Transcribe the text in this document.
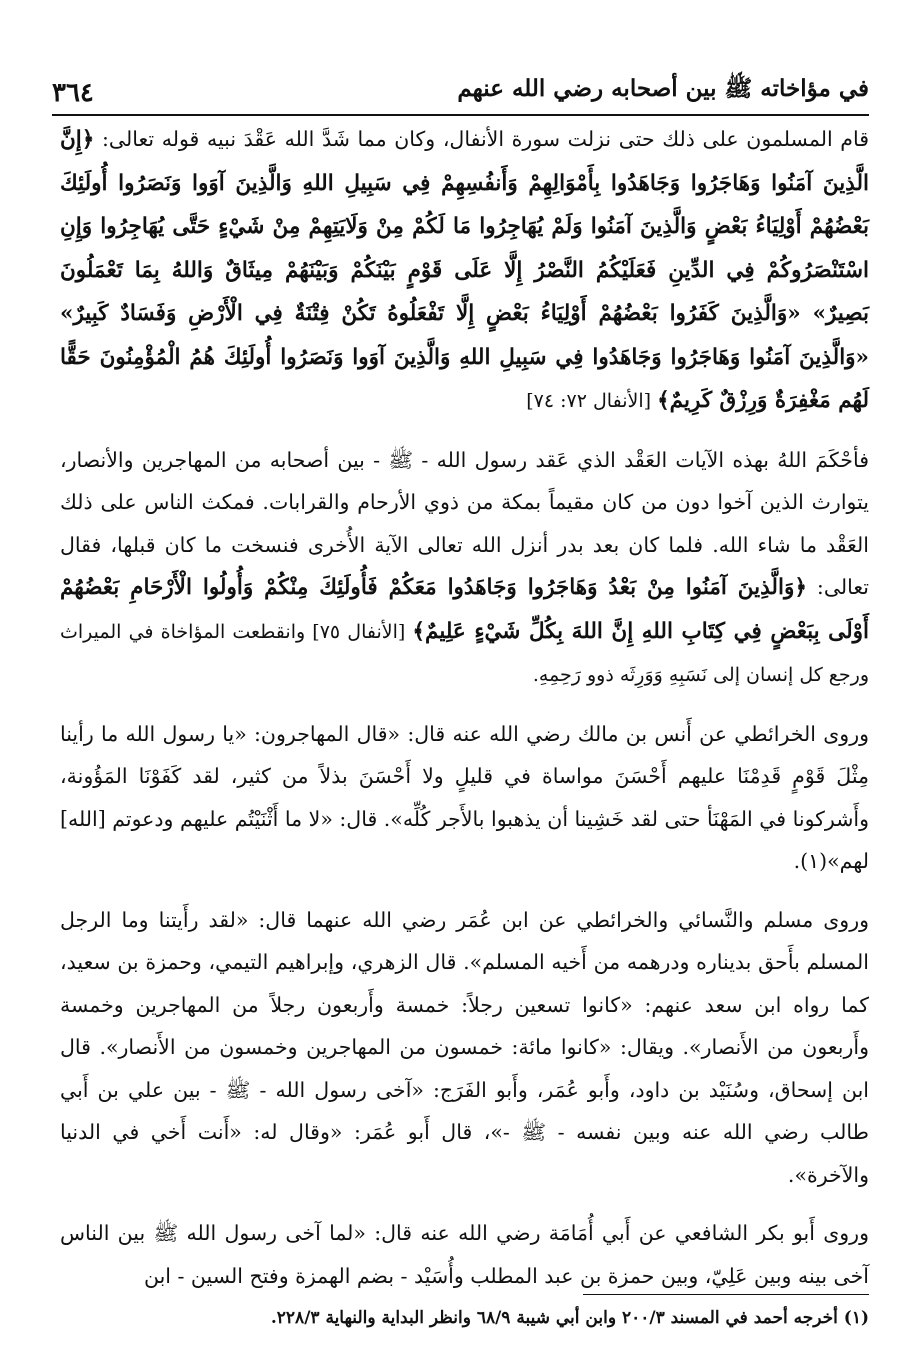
٣٦٤	في مؤاخاته ﷺ بين أصحابه رضي الله عنهم

قام المسلمون على ذلك حتى نزلت سورة الأنفال، وكان مما شَدَّ الله عَقْدَ نبيه قوله تعالى: ﴿إِنَّ الَّذِينَ آمَنُوا وَهَاجَرُوا وَجَاهَدُوا بِأَمْوَالِهِمْ وَأَنفُسِهِمْ فِي سَبِيلِ اللهِ وَالَّذِينَ آوَوا وَنَصَرُوا أُولَئِكَ بَعْضُهُمْ أَوْلِيَاءُ بَعْضٍ وَالَّذِينَ آمَنُوا وَلَمْ يُهَاجِرُوا مَا لَكُمْ مِنْ وَلَايَتِهِمْ مِنْ شَيْءٍ حَتَّى يُهَاجِرُوا وَإِنِ اسْتَنْصَرُوكُمْ فِي الدِّينِ فَعَلَيْكُمُ النَّصْرُ إِلَّا عَلَى قَوْمٍ بَيْنَكُمْ وَبَيْنَهُمْ مِيثَاقٌ وَاللهُ بِمَا تَعْمَلُونَ بَصِيرٌ» «وَالَّذِينَ كَفَرُوا بَعْضُهُمْ أَوْلِيَاءُ بَعْضٍ إِلَّا تَفْعَلُوهُ تَكُنْ فِتْنَةٌ فِي الْأَرْضِ وَفَسَادٌ كَبِيرٌ» «وَالَّذِينَ آمَنُوا وَهَاجَرُوا وَجَاهَدُوا فِي سَبِيلِ اللهِ وَالَّذِينَ آوَوا وَنَصَرُوا أُولَئِكَ هُمُ الْمُؤْمِنُونَ حَقًّا لَهُم مَغْفِرَةٌ وَرِزْقٌ كَرِيمٌ﴾ [الأنفال ٧٢: ٧٤]

فأحْكَمَ اللهُ بهذه الآيات العَقْد الذي عَقد رسول الله - ﷺ - بين أصحابه من المهاجرين والأنصار، يتوارث الذين آخوا دون من كان مقيماً بمكة من ذوي الأرحام والقرابات. فمكث الناس على ذلك العَقْد ما شاء الله. فلما كان بعد بدر أنزل الله تعالى الآية الأُخرى فنسخت ما كان قبلها، فقال تعالى: ﴿وَالَّذِينَ آمَنُوا مِنْ بَعْدُ وَهَاجَرُوا وَجَاهَدُوا مَعَكُمْ فَأُولَئِكَ مِنْكُمْ وَأُولُوا الْأَرْحَامِ بَعْضُهُمْ أَوْلَى بِبَعْضٍ فِي كِتَابِ اللهِ إِنَّ اللهَ بِكُلِّ شَيْءٍ عَلِيمٌ﴾ [الأنفال ٧٥] وانقطعت المؤاخاة في الميراث ورجع كل إنسان إلى نَسَبِهِ وَوَرِثَه ذوو رَحِمِهِ.

وروى الخرائطي عن أَنس بن مالك رضي الله عنه قال: «قال المهاجرون: «يا رسول الله ما رأينا مِثْلَ قَوْمٍ قَدِمْنَا عليهم أَحْسَنَ مواساة في قليلٍ ولا أَحْسَنَ بذلاً من كثير، لقد كَفَوْنَا المَؤُونة، وأَشركونا في المَهْنَأ حتى لقد خَشِينا أن يذهبوا بالأَجر كُلِّه». قال: «لا ما أَثْنَيْتُم عليهم ودعوتم [الله] لهم»(١).

وروى مسلم والنَّسائي والخرائطي عن ابن عُمَر رضي الله عنهما قال: «لقد رأَيتنا وما الرجل المسلم بأَحق بديناره ودرهمه من أَخيه المسلم». قال الزهري، وإبراهيم التيمي، وحمزة بن سعيد، كما رواه ابن سعد عنهم: «كانوا تسعين رجلاً: خمسة وأَربعون رجلاً من المهاجرين وخمسة وأَربعون من الأَنصار». ويقال: «كانوا مائة: خمسون من المهاجرين وخمسون من الأَنصار». قال ابن إسحاق، وسُنَيْد بن داود، وأَبو عُمَر، وأَبو الفَرَج: «آخى رسول الله - ﷺ - بين علي بن أَبي طالب رضي الله عنه وبين نفسه - ﷺ -»، قال أَبو عُمَر: «وقال له: «أَنت أَخي في الدنيا والآخرة».

وروى أَبو بكر الشافعي عن أَبي أُمَامَة رضي الله عنه قال: «لما آخى رسول الله ﷺ بين الناس آخى بينه وبين عَلِيّ، وبين حمزة بن عبد المطلب وأُسَيْد - بضم الهمزة وفتح السين - ابن

(١) أخرجه أحمد في المسند ٢٠٠/٣ وابن أبي شيبة ٦٨/٩ وانظر البداية والنهاية ٢٢٨/٣.
